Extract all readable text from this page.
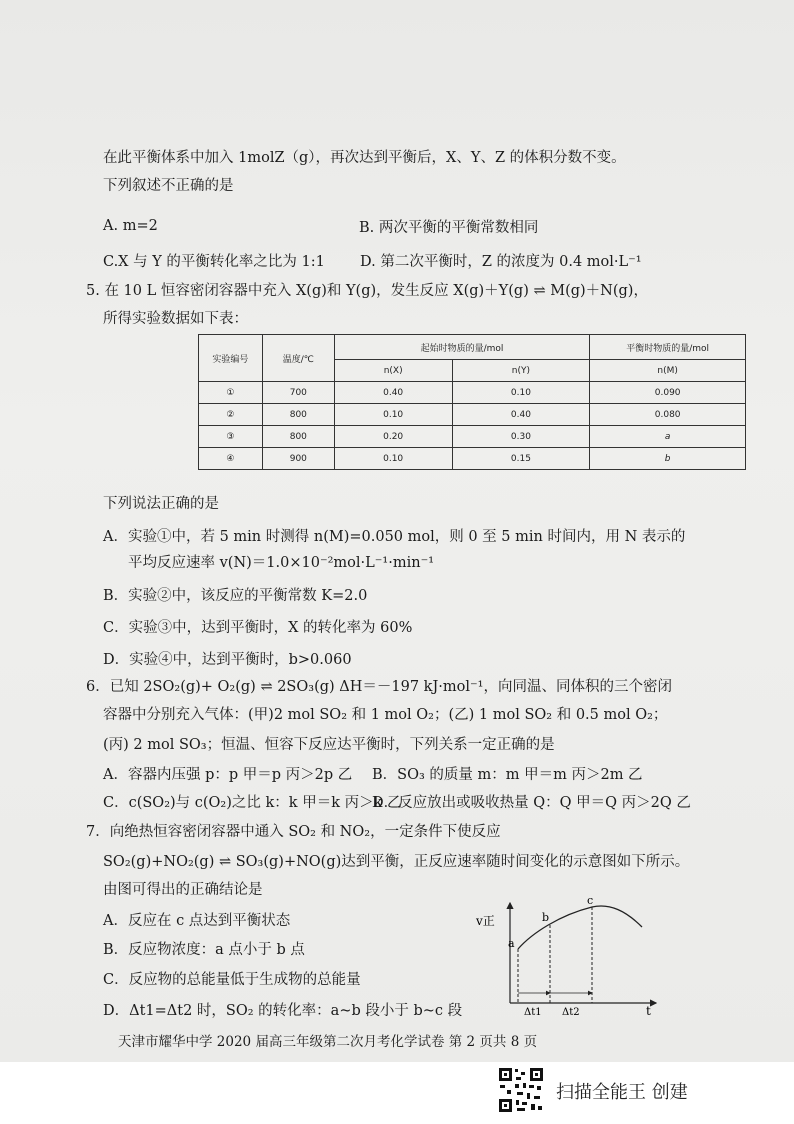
在此平衡体系中加入 1molZ（g），再次达到平衡后，X、Y、Z 的体积分数不变。
下列叙述不正确的是
A. m=2	B. 两次平衡的平衡常数相同
C.X 与 Y 的平衡转化率之比为 1:1 D. 第二次平衡时，Z 的浓度为 0.4 mol·L⁻¹
5. 在 10 L 恒容密闭容器中充入 X(g)和 Y(g)，发生反应 X(g)＋Y(g) ⇌ M(g)＋N(g)，
所得实验数据如下表：
实验编号	温度/℃	起始时物质的量/mol		平衡时物质的量/mol
		n(X)	n(Y)	n(M)
①	700	0.40	0.10	0.090
②	800	0.10	0.40	0.080
③	800	0.20	0.30	a
④	900	0.10	0.15	b
下列说法正确的是
A．实验①中，若 5 min 时测得 n(M)=0.050 mol，则 0 至 5 min 时间内，用 N 表示的
平均反应速率 v(N)＝1.0×10⁻²mol·L⁻¹·min⁻¹
B．实验②中，该反应的平衡常数 K=2.0
C．实验③中，达到平衡时，X 的转化率为 60%
D．实验④中，达到平衡时，b>0.060
6．已知 2SO₂(g)+ O₂(g) ⇌ 2SO₃(g) ΔH＝－197 kJ·mol⁻¹，向同温、同体积的三个密闭
容器中分别充入气体：(甲)2 mol SO₂ 和 1 mol O₂；(乙) 1 mol SO₂ 和 0.5 mol O₂；
(丙) 2 mol SO₃；恒温、恒容下反应达平衡时，下列关系一定正确的是
A．容器内压强 p：p 甲＝p 丙＞2p 乙 B．SO₃ 的质量 m：m 甲＝m 丙＞2m 乙
C．c(SO₂)与 c(O₂)之比 k：k 甲＝k 丙＞k 乙
D．反应放出或吸收热量 Q：Q 甲＝Q 丙＞2Q 乙
7．向绝热恒容密闭容器中通入 SO₂ 和 NO₂，一定条件下使反应
SO₂(g)+NO₂(g) ⇌ SO₃(g)+NO(g)达到平衡，正反应速率随时间变化的示意图如下所示。
由图可得出的正确结论是
A．反应在 c 点达到平衡状态
B．反应物浓度：a 点小于 b 点
C．反应物的总能量低于生成物的总能量
D．Δt1=Δt2 时，SO₂ 的转化率：a~b 段小于 b~c 段
v正
t
a
b
c
Δt1 Δt2
天津市耀华中学 2020 届高三年级第二次月考化学试卷 第 2 页共 8 页
扫描全能王 创建
